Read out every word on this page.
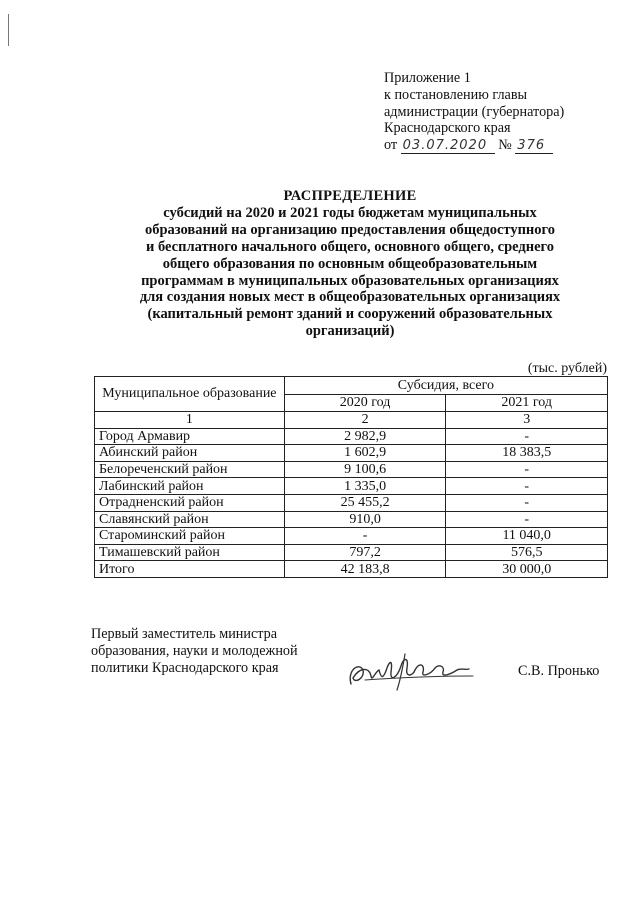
Приложение 1
к постановлению главы
администрации (губернатора)
Краснодарского края
от 03.07.2020 № 376
РАСПРЕДЕЛЕНИЕ
субсидий на 2020 и 2021 годы бюджетам муниципальных
образований на организацию предоставления общедоступного
и бесплатного начального общего, основного общего, среднего
общего образования по основным общеобразовательным
программам в муниципальных образовательных организациях
для создания новых мест в общеобразовательных организациях
(капитальный ремонт зданий и сооружений образовательных
организаций)
(тыс. рублей)
Муниципальное образование	Субсидия, всего	
	2020 год	2021 год
1	2	3
Город Армавир	2 982,9	-
Абинский район	1 602,9	18 383,5
Белореченский район	9 100,6	-
Лабинский район	1 335,0	-
Отрадненский район	25 455,2	-
Славянский район	910,0	-
Староминский район	-	11 040,0
Тимашевский район	797,2	576,5
Итого	42 183,8	30 000,0
Первый заместитель министра
образования, науки и молодежной
политики Краснодарского края	С.В. Пронько
